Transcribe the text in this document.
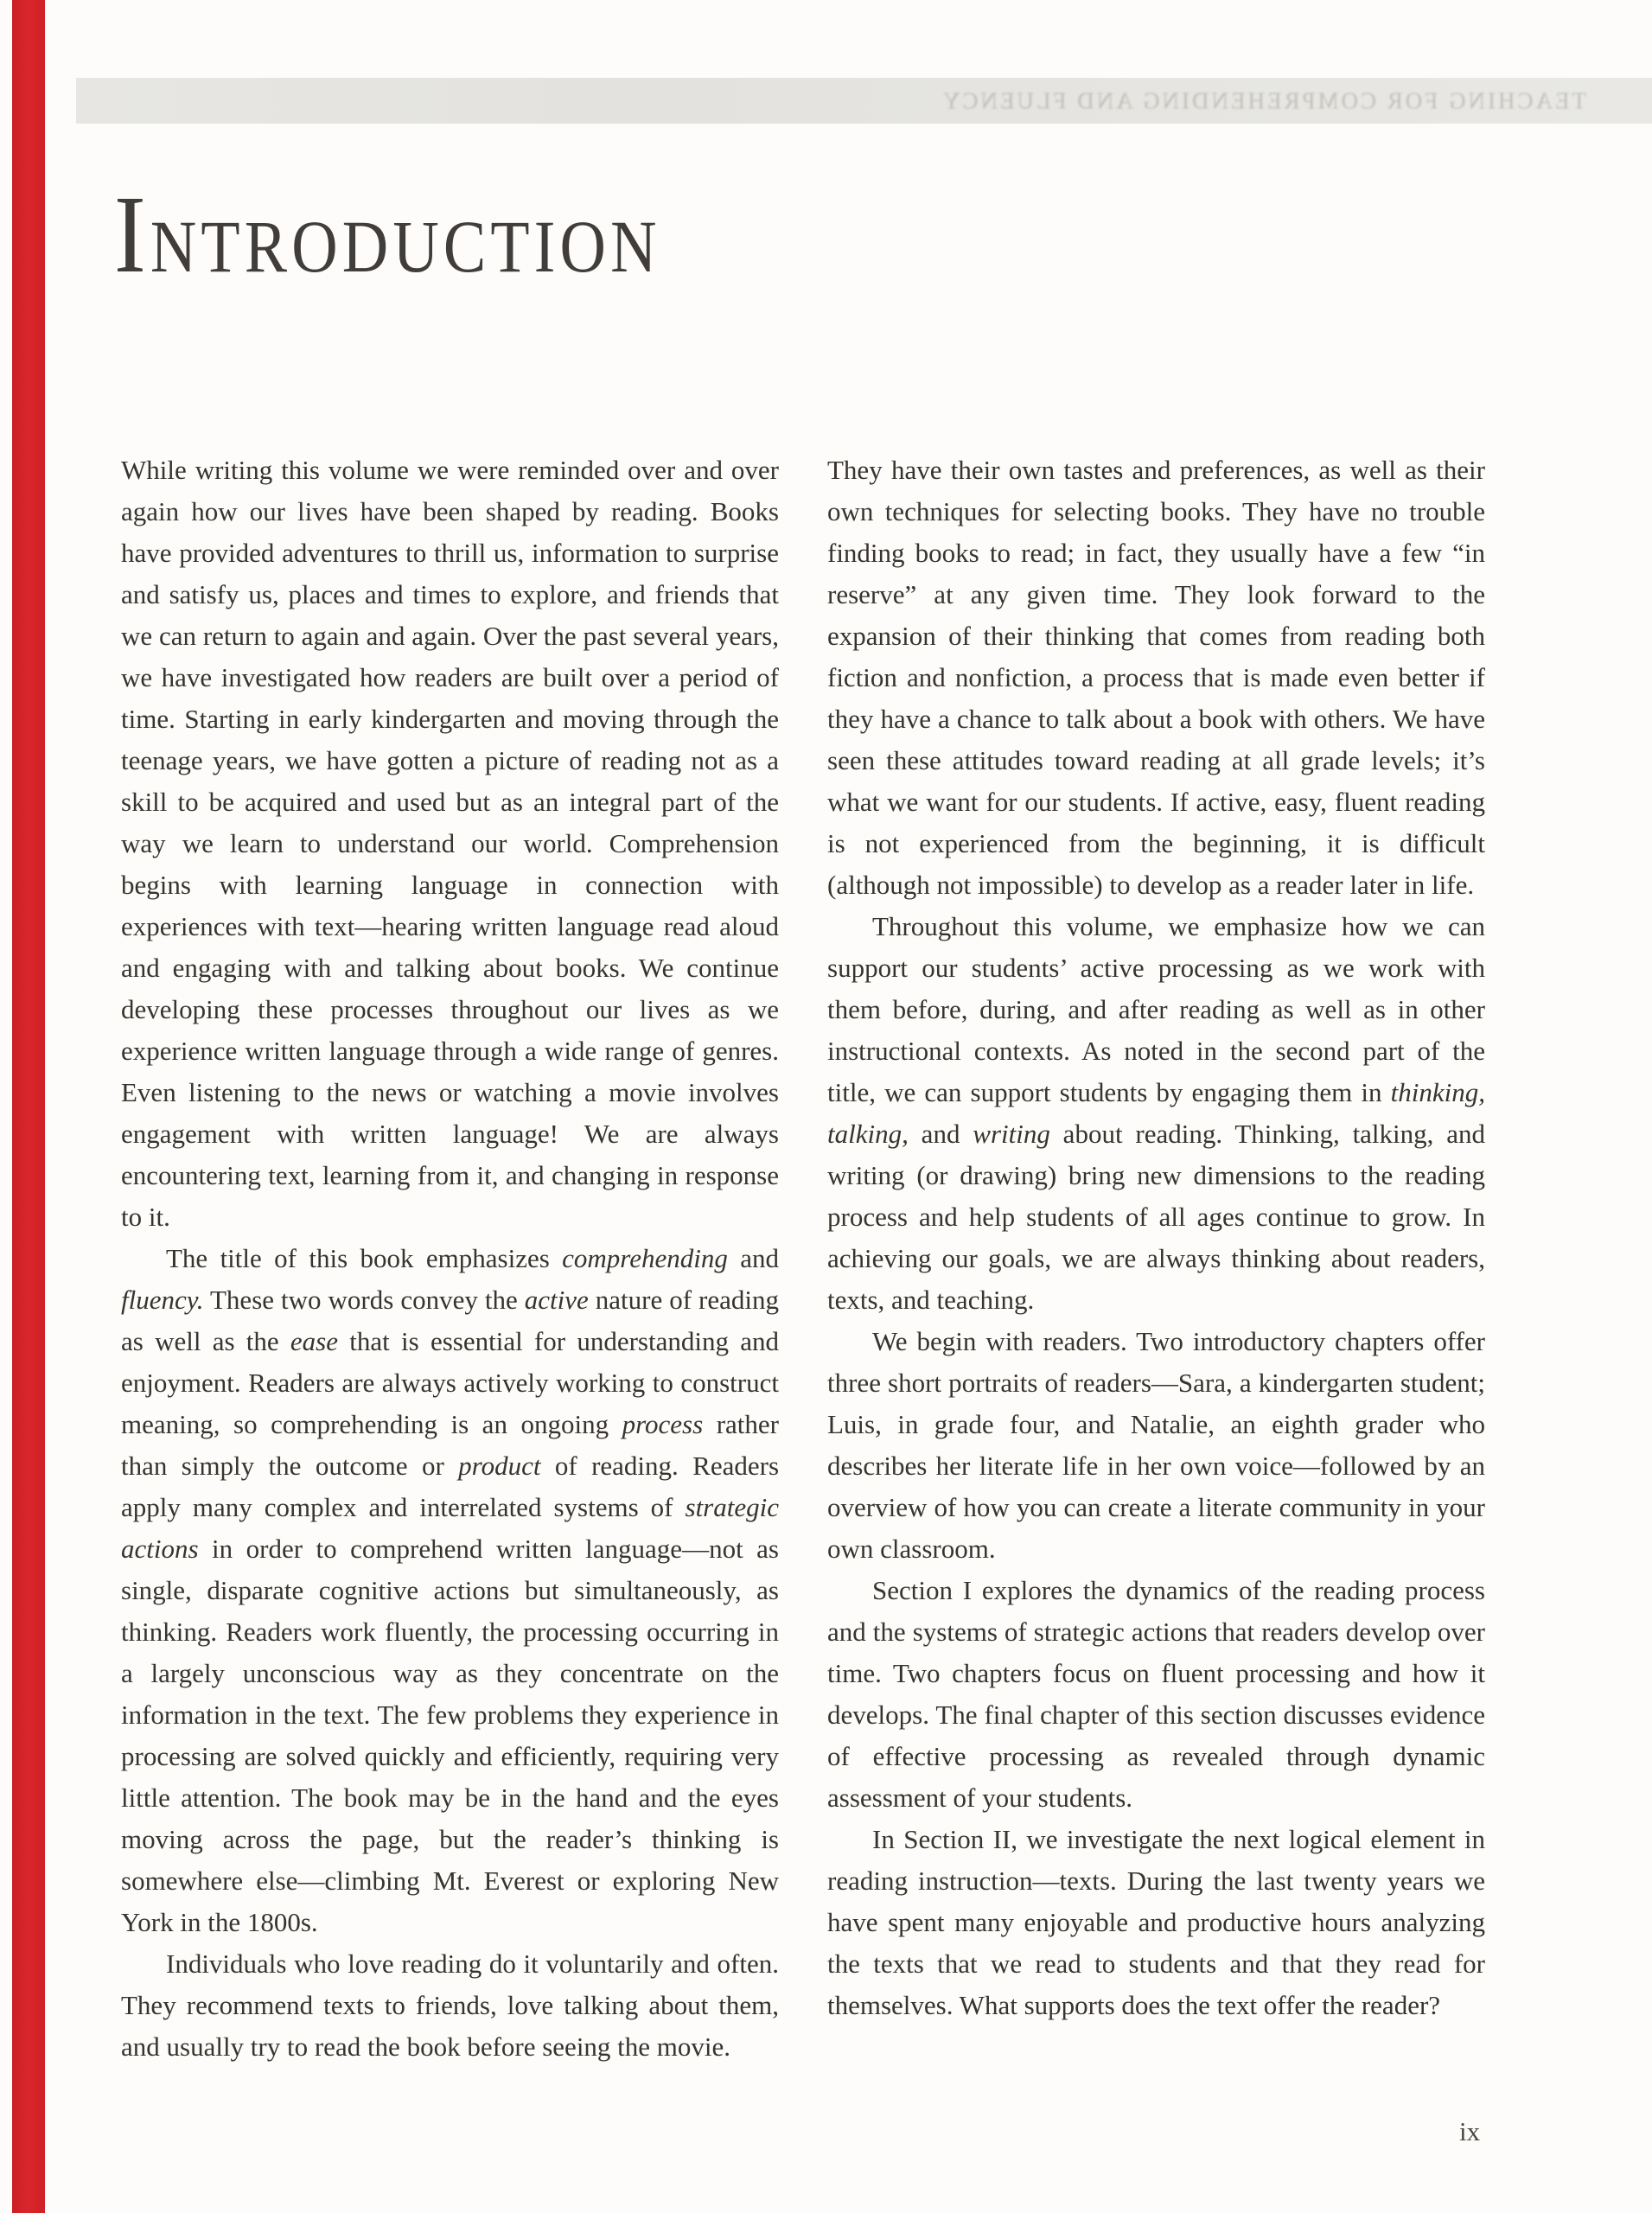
TEACHING FOR COMPREHENDING AND FLUENCY
INTRODUCTION

While writing this volume we were reminded over and over again how our lives have been shaped by reading. Books have provided adventures to thrill us, information to surprise and satisfy us, places and times to explore, and friends that we can return to again and again. Over the past several years, we have investigated how readers are built over a period of time. Starting in early kindergarten and moving through the teenage years, we have gotten a picture of reading not as a skill to be acquired and used but as an integral part of the way we learn to understand our world. Comprehension begins with learning language in connection with experiences with text—hearing written language read aloud and engaging with and talking about books. We continue developing these processes throughout our lives as we experience written language through a wide range of genres. Even listening to the news or watching a movie involves engagement with written language! We are always encountering text, learning from it, and changing in response to it.

The title of this book emphasizes comprehending and fluency. These two words convey the active nature of reading as well as the ease that is essential for understanding and enjoyment. Readers are always actively working to construct meaning, so comprehending is an ongoing process rather than simply the outcome or product of reading. Readers apply many complex and interrelated systems of strategic actions in order to comprehend written language—not as single, disparate cognitive actions but simultaneously, as thinking. Readers work fluently, the processing occurring in a largely unconscious way as they concentrate on the information in the text. The few problems they experience in processing are solved quickly and efficiently, requiring very little attention. The book may be in the hand and the eyes moving across the page, but the reader’s thinking is somewhere else—climbing Mt. Everest or exploring New York in the 1800s.

Individuals who love reading do it voluntarily and often. They recommend texts to friends, love talking about them, and usually try to read the book before seeing the movie.

They have their own tastes and preferences, as well as their own techniques for selecting books. They have no trouble finding books to read; in fact, they usually have a few “in reserve” at any given time. They look forward to the expansion of their thinking that comes from reading both fiction and nonfiction, a process that is made even better if they have a chance to talk about a book with others. We have seen these attitudes toward reading at all grade levels; it’s what we want for our students. If active, easy, fluent reading is not experienced from the beginning, it is difficult (although not impossible) to develop as a reader later in life.

Throughout this volume, we emphasize how we can support our students’ active processing as we work with them before, during, and after reading as well as in other instructional contexts. As noted in the second part of the title, we can support students by engaging them in thinking, talking, and writing about reading. Thinking, talking, and writing (or drawing) bring new dimensions to the reading process and help students of all ages continue to grow. In achieving our goals, we are always thinking about readers, texts, and teaching.

We begin with readers. Two introductory chapters offer three short portraits of readers—Sara, a kindergarten student; Luis, in grade four, and Natalie, an eighth grader who describes her literate life in her own voice—followed by an overview of how you can create a literate community in your own classroom.

Section I explores the dynamics of the reading process and the systems of strategic actions that readers develop over time. Two chapters focus on fluent processing and how it develops. The final chapter of this section discusses evidence of effective processing as revealed through dynamic assessment of your students.

In Section II, we investigate the next logical element in reading instruction—texts. During the last twenty years we have spent many enjoyable and productive hours analyzing the texts that we read to students and that they read for themselves. What supports does the text offer the reader?

ix
